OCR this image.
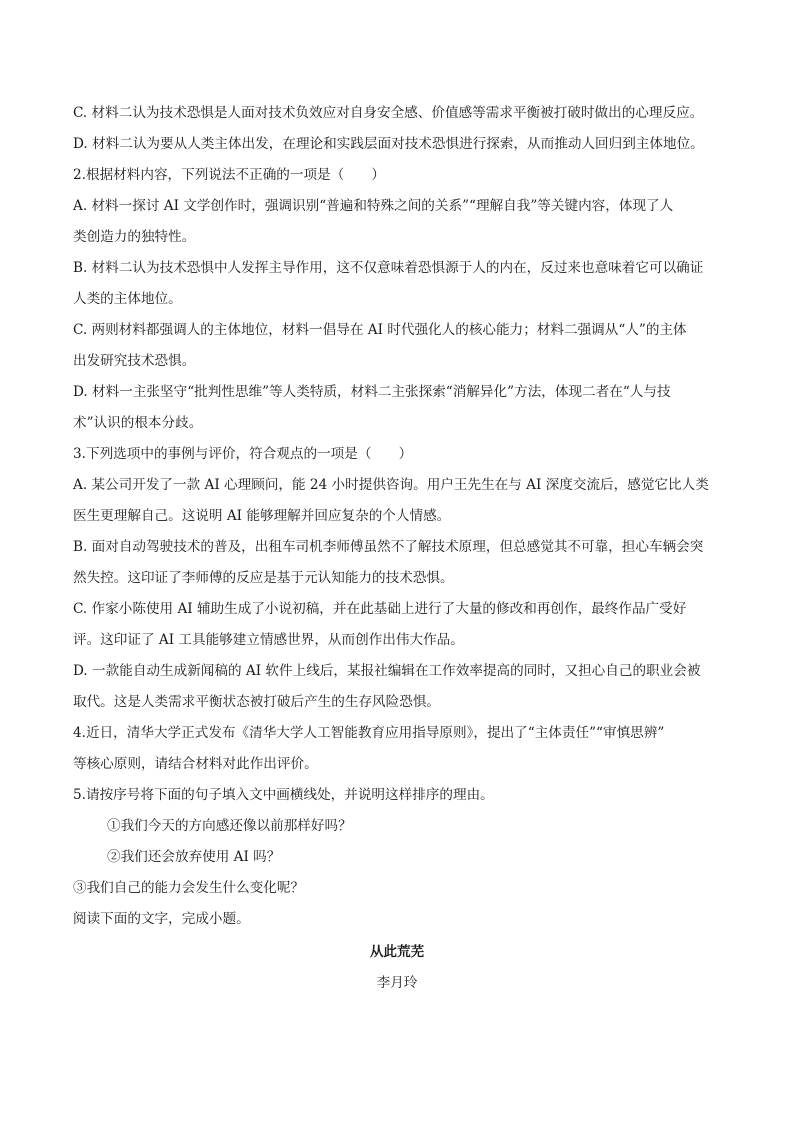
C. 材料二认为技术恐惧是人面对技术负效应对自身安全感、价值感等需求平衡被打破时做出的心理反应。
D. 材料二认为要从人类主体出发，在理论和实践层面对技术恐惧进行探索，从而推动人回归到主体地位。
2.根据材料内容，下列说法不正确的一项是（　　）
A. 材料一探讨 AI 文学创作时，强调识别“普遍和特殊之间的关系”“理解自我”等关键内容，体现了人
类创造力的独特性。
B. 材料二认为技术恐惧中人发挥主导作用，这不仅意味着恐惧源于人的内在，反过来也意味着它可以确证
人类的主体地位。
C. 两则材料都强调人的主体地位，材料一倡导在 AI 时代强化人的核心能力；材料二强调从“人”的主体
出发研究技术恐惧。
D. 材料一主张坚守“批判性思维”等人类特质，材料二主张探索“消解异化”方法，体现二者在“人与技
术”认识的根本分歧。
3.下列选项中的事例与评价，符合观点的一项是（　　）
A. 某公司开发了一款 AI 心理顾问，能 24 小时提供咨询。用户王先生在与 AI 深度交流后，感觉它比人类
医生更理解自己。这说明 AI 能够理解并回应复杂的个人情感。
B. 面对自动驾驶技术的普及，出租车司机李师傅虽然不了解技术原理，但总感觉其不可靠，担心车辆会突
然失控。这印证了李师傅的反应是基于元认知能力的技术恐惧。
C. 作家小陈使用 AI 辅助生成了小说初稿，并在此基础上进行了大量的修改和再创作，最终作品广受好
评。这印证了 AI 工具能够建立情感世界，从而创作出伟大作品。
D. 一款能自动生成新闻稿的 AI 软件上线后，某报社编辑在工作效率提高的同时，又担心自己的职业会被
取代。这是人类需求平衡状态被打破后产生的生存风险恐惧。
4.近日，清华大学正式发布《清华大学人工智能教育应用指导原则》，提出了“主体责任”“审慎思辨”
等核心原则，请结合材料对此作出评价。
5.请按序号将下面的句子填入文中画横线处，并说明这样排序的理由。
①我们今天的方向感还像以前那样好吗？
②我们还会放弃使用 AI 吗？
③我们自己的能力会发生什么变化呢？
阅读下面的文字，完成小题。
从此荒芜
李月玲
